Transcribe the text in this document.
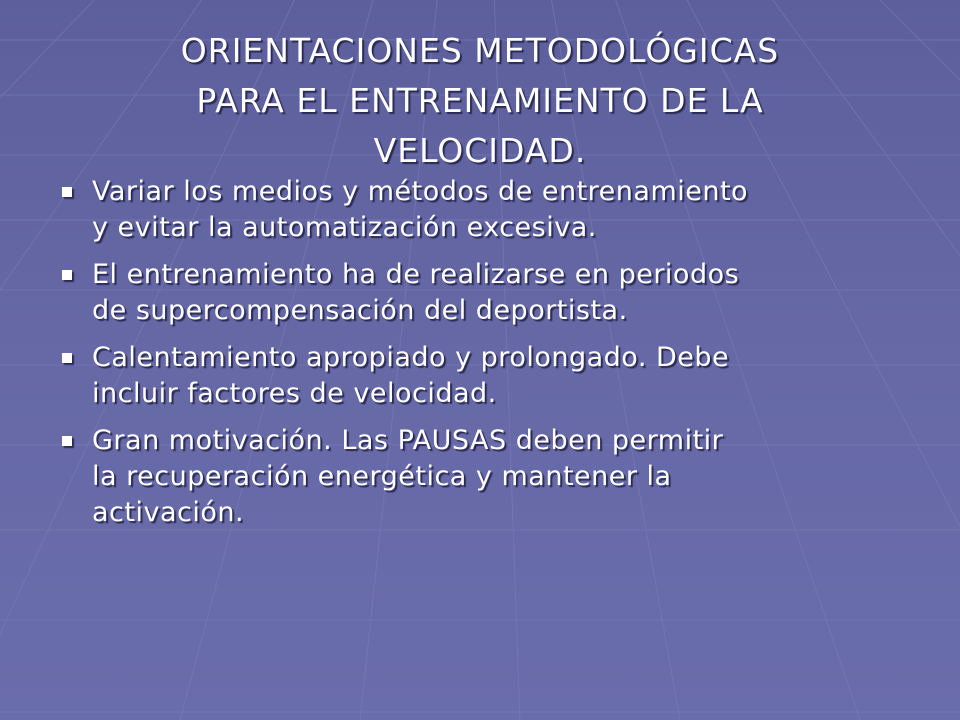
ORIENTACIONES METODOLÓGICAS
PARA EL ENTRENAMIENTO DE LA
VELOCIDAD.
Variar los medios y métodos de entrenamiento
y evitar la automatización excesiva.
El entrenamiento ha de realizarse en periodos
de supercompensación del deportista.
Calentamiento apropiado y prolongado. Debe
incluir factores de velocidad.
Gran motivación. Las PAUSAS deben permitir
la recuperación energética y mantener la
activación.
